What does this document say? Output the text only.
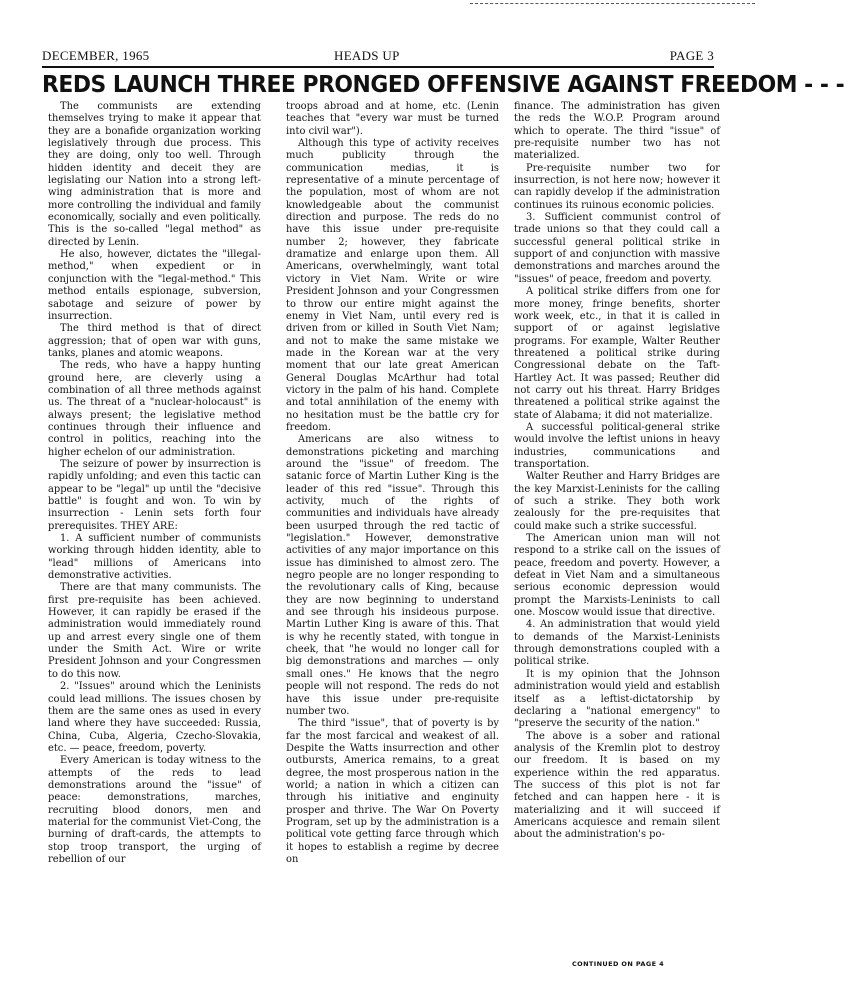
DECEMBER, 1965	HEADS UP	PAGE 3
REDS LAUNCH THREE PRONGED OFFENSIVE AGAINST FREEDOM - - -

The communists are extending themselves trying to make it appear that they are a bonafide organization working legislatively through due process. This they are doing, only too well. Through hidden identity and deceit they are legislating our Nation into a strong left-wing administration that is more and more controlling the individual and family economically, socially and even politically. This is the so-called "legal method" as directed by Lenin.

He also, however, dictates the "illegal-method," when expedient or in conjunction with the "legal-method." This method entails espionage, subversion, sabotage and seizure of power by insurrection.

The third method is that of direct aggression; that of open war with guns, tanks, planes and atomic weapons.

The reds, who have a happy hunting ground here, are cleverly using a combination of all three methods against us. The threat of a "nuclear-holocaust" is always present; the legislative method continues through their influence and control in politics, reaching into the higher echelon of our administration.

The seizure of power by insurrection is rapidly unfolding; and even this tactic can appear to be "legal" up until the "decisive battle" is fought and won. To win by insurrection - Lenin sets forth four prerequisites. THEY ARE:

1. A sufficient number of communists working through hidden identity, able to "lead" millions of Americans into demonstrative activities.

There are that many communists. The first pre-requisite has been achieved. However, it can rapidly be erased if the administration would immediately round up and arrest every single one of them under the Smith Act. Wire or write President Johnson and your Congressmen to do this now.

2. "Issues" around which the Leninists could lead millions. The issues chosen by them are the same ones as used in every land where they have succeeded: Russia, China, Cuba, Algeria, Czecho-Slovakia, etc. — peace, freedom, poverty.

Every American is today witness to the attempts of the reds to lead demonstrations around the "issue" of peace: demonstrations, marches, recruiting blood donors, men and material for the communist Viet-Cong, the burning of draft-cards, the attempts to stop troop transport, the urging of rebellion of our

troops abroad and at home, etc. (Lenin teaches that "every war must be turned into civil war").

Although this type of activity receives much publicity through the communication medias, it is representative of a minute percentage of the population, most of whom are not knowledgeable about the communist direction and purpose. The reds do no have this issue under pre-requisite number 2; however, they fabricate dramatize and enlarge upon them. All Americans, overwhelmingly, want total victory in Viet Nam. Write or wire President Johnson and your Congressmen to throw our entire might against the enemy in Viet Nam, until every red is driven from or killed in South Viet Nam; and not to make the same mistake we made in the Korean war at the very moment that our late great American General Douglas McArthur had total victory in the palm of his hand. Complete and total annihilation of the enemy with no hesitation must be the battle cry for freedom.

Americans are also witness to demonstrations picketing and marching around the "issue" of freedom. The satanic force of Martin Luther King is the leader of this red "issue". Through this activity, much of the rights of communities and individuals have already been usurped through the red tactic of "legislation." However, demonstrative activities of any major importance on this issue has diminished to almost zero. The negro people are no longer responding to the revolutionary calls of King, because they are now beginning to understand and see through his insideous purpose. Martin Luther King is aware of this. That is why he recently stated, with tongue in cheek, that "he would no longer call for big demonstrations and marches — only small ones." He knows that the negro people will not respond. The reds do not have this issue under pre-requisite number two.

The third "issue", that of poverty is by far the most farcical and weakest of all. Despite the Watts insurrection and other outbursts, America remains, to a great degree, the most prosperous nation in the world; a nation in which a citizen can through his initiative and enginuity prosper and thrive. The War On Poverty Program, set up by the administration is a political vote getting farce through which it hopes to establish a regime by decree on

finance. The administration has given the reds the W.O.P. Program around which to operate. The third "issue" of pre-requisite number two has not materialized.

Pre-requisite number two for insurrection, is not here now; however it can rapidly develop if the administration continues its ruinous economic policies.

3. Sufficient communist control of trade unions so that they could call a successful general political strike in support of and conjunction with massive demonstrations and marches around the "issues" of peace, freedom and poverty.

A political strike differs from one for more money, fringe benefits, shorter work week, etc., in that it is called in support of or against legislative programs. For example, Walter Reuther threatened a political strike during Congressional debate on the Taft-Hartley Act. It was passed; Reuther did not carry out his threat. Harry Bridges threatened a political strike against the state of Alabama; it did not materialize.

A successful political-general strike would involve the leftist unions in heavy industries, communications and transportation.

Walter Reuther and Harry Bridges are the key Marxist-Leninists for the calling of such a strike. They both work zealously for the pre-requisites that could make such a strike successful.

The American union man will not respond to a strike call on the issues of peace, freedom and poverty. However, a defeat in Viet Nam and a simultaneous serious economic depression would prompt the Marxists-Leninists to call one. Moscow would issue that directive.

4. An administration that would yield to demands of the Marxist-Leninists through demonstrations coupled with a political strike.

It is my opinion that the Johnson administration would yield and establish itself as a leftist-dictatorship by declaring a "national emergency" to "preserve the security of the nation."

The above is a sober and rational analysis of the Kremlin plot to destroy our freedom. It is based on my experience within the red apparatus. The success of this plot is not far fetched and can happen here - it is materializing and it will succeed if Americans acquiesce and remain silent about the administration's po-

CONTINUED ON PAGE 4
